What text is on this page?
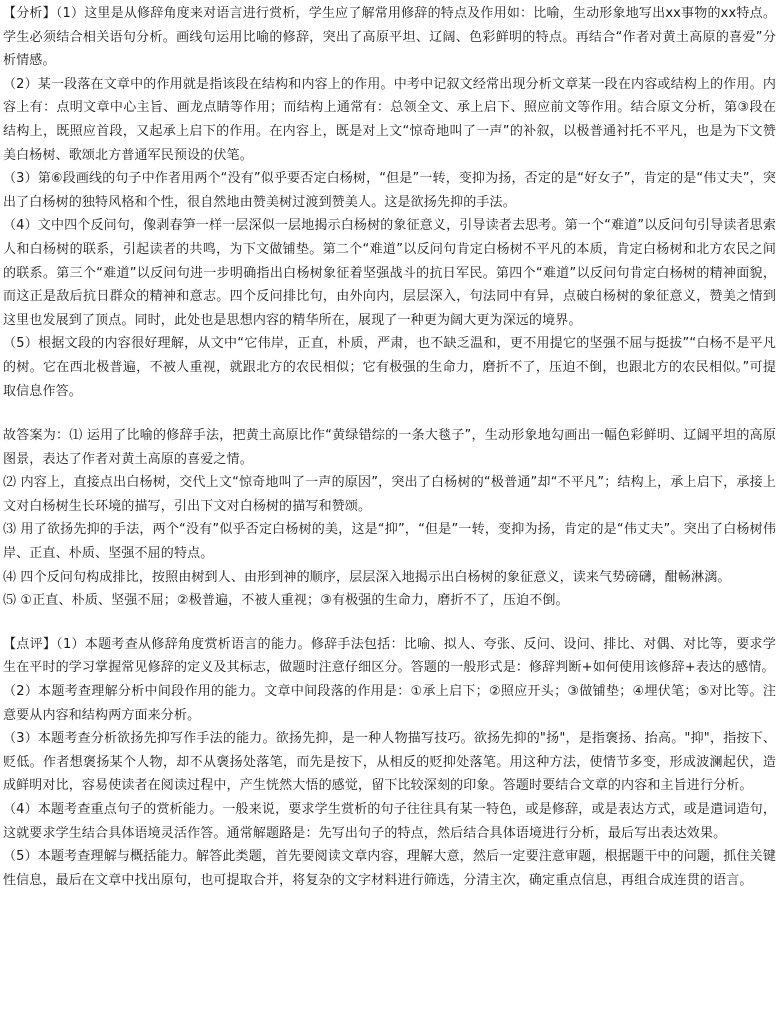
【分析】（1）这里是从修辞角度来对语言进行赏析，学生应了解常用修辞的特点及作用如：比喻，生动形象地写出xx事物的xx特点。学生必须结合相关语句分析。画线句运用比喻的修辞，突出了高原平坦、辽阔、色彩鲜明的特点。再结合“作者对黄土高原的喜爱”分析情感。

（2）某一段落在文章中的作用就是指该段在结构和内容上的作用。中考中记叙文经常出现分析文章某一段在内容或结构上的作用。内容上有：点明文章中心主旨、画龙点睛等作用；而结构上通常有：总领全文、承上启下、照应前文等作用。结合原文分析，第③段在结构上，既照应首段，又起承上启下的作用。在内容上，既是对上文“惊奇地叫了一声”的补叙，以极普通衬托不平凡，也是为下文赞美白杨树、歌颂北方普通军民预设的伏笔。

（3）第⑥段画线的句子中作者用两个“没有”似乎要否定白杨树，“但是”一转，变抑为扬，否定的是“好女子”，肯定的是“伟丈夫”，突出了白杨树的独特风格和个性，很自然地由赞美树过渡到赞美人。这是欲扬先抑的手法。

（4）文中四个反问句，像剥春笋一样一层深似一层地揭示白杨树的象征意义，引导读者去思考。第一个“难道”以反问句引导读者思索人和白杨树的联系，引起读者的共鸣，为下文做铺垫。第二个“难道”以反问句肯定白杨树不平凡的本质，肯定白杨树和北方农民之间的联系。第三个“难道”以反问句进一步明确指出白杨树象征着坚强战斗的抗日军民。第四个“难道”以反问句肯定白杨树的精神面貌，而这正是敌后抗日群众的精神和意志。四个反问排比句，由外向内，层层深入，句法同中有异，点破白杨树的象征意义，赞美之情到这里也发展到了顶点。同时，此处也是思想内容的精华所在，展现了一种更为阔大更为深远的境界。

（5）根据文段的内容很好理解，从文中“它伟岸，正直，朴质，严肃，也不缺乏温和，更不用提它的坚强不屈与挺拔”“白杨不是平凡的树。它在西北极普遍，不被人重视，就跟北方的农民相似；它有极强的生命力，磨折不了，压迫不倒，也跟北方的农民相似。”可提取信息作答。

故答案为：⑴ 运用了比喻的修辞手法，把黄土高原比作“黄绿错综的一条大毯子”，生动形象地勾画出一幅色彩鲜明、辽阔平坦的高原图景，表达了作者对黄土高原的喜爱之情。

⑵ 内容上，直接点出白杨树，交代上文“惊奇地叫了一声的原因”，突出了白杨树的“极普通”却“不平凡”；结构上，承上启下，承接上文对白杨树生长环境的描写，引出下文对白杨树的描写和赞颂。

⑶ 用了欲扬先抑的手法，两个“没有”似乎否定白杨树的美，这是“抑”，“但是”一转，变抑为扬，肯定的是“伟丈夫”。突出了白杨树伟岸、正直、朴质、坚强不屈的特点。

⑷ 四个反问句构成排比，按照由树到人、由形到神的顺序，层层深入地揭示出白杨树的象征意义，读来气势磅礴，酣畅淋漓。

⑸ ①正直、朴质、坚强不屈；②极普遍，不被人重视；③有极强的生命力，磨折不了，压迫不倒。

【点评】（1）本题考查从修辞角度赏析语言的能力。修辞手法包括：比喻、拟人、夸张、反问、设问、排比、对偶、对比等，要求学生在平时的学习掌握常见修辞的定义及其标志，做题时注意仔细区分。答题的一般形式是：修辞判断+如何使用该修辞+表达的感情。

（2）本题考查理解分析中间段作用的能力。文章中间段落的作用是：①承上启下；②照应开头；③做铺垫；④埋伏笔；⑤对比等。注意要从内容和结构两方面来分析。

（3）本题考查分析欲扬先抑写作手法的能力。欲扬先抑，是一种人物描写技巧。欲扬先抑的"扬"，是指褒扬、抬高。"抑"，指按下、贬低。作者想褒扬某个人物，却不从褒扬处落笔，而先是按下，从相反的贬抑处落笔。用这种方法，使情节多变，形成波澜起伏，造成鲜明对比，容易使读者在阅读过程中，产生恍然大悟的感觉，留下比较深刻的印象。答题时要结合文章的内容和主旨进行分析。

（4）本题考查重点句子的赏析能力。一般来说，要求学生赏析的句子往往具有某一特色，或是修辞，或是表达方式，或是遣词造句，这就要求学生结合具体语境灵活作答。通常解题路是：先写出句子的特点，然后结合具体语境进行分析，最后写出表达效果。

（5）本题考查理解与概括能力。解答此类题，首先要阅读文章内容，理解大意，然后一定要注意审题，根据题干中的问题，抓住关键性信息，最后在文章中找出原句，也可提取合并，将复杂的文字材料进行筛选，分清主次，确定重点信息，再组合成连贯的语言。
